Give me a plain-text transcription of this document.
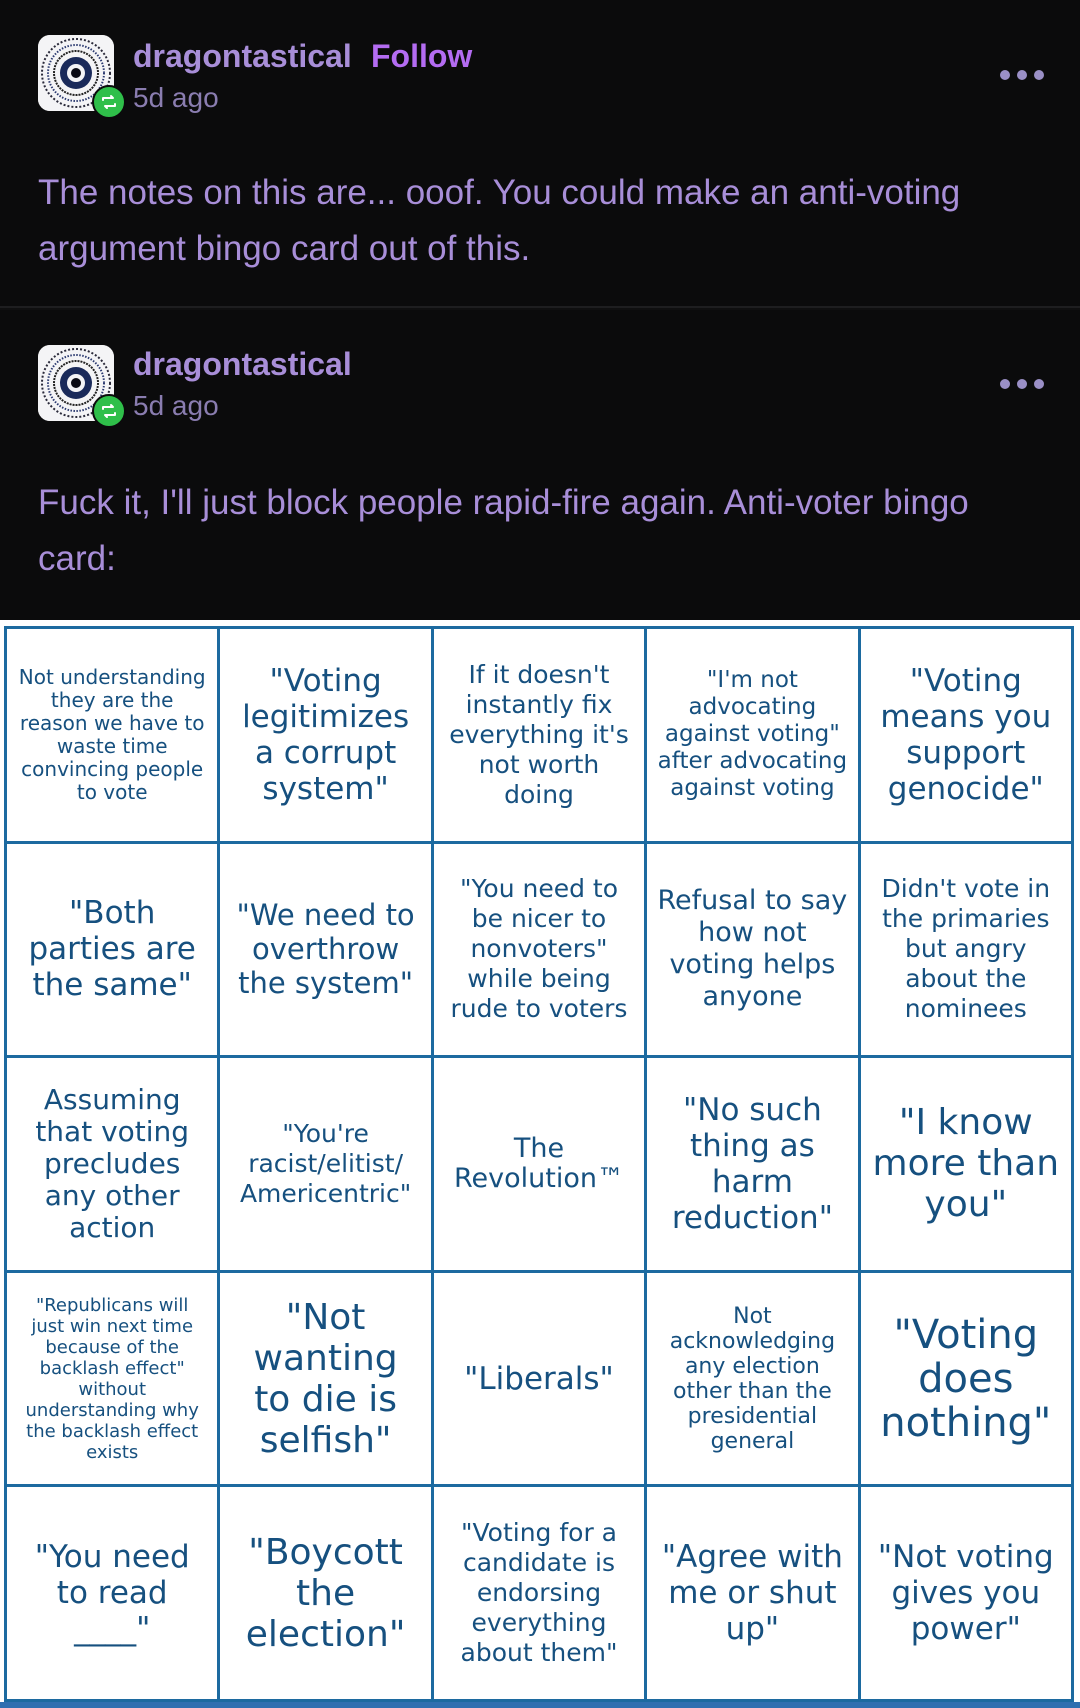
dragontastical Follow
5d ago

The notes on this are... ooof. You could make an anti-voting argument bingo card out of this.

dragontastical
5d ago

Fuck it, I'll just block people rapid-fire again. Anti-voter bingo card:

Not understanding they are the reason we have to waste time convincing people to vote
"Voting legitimizes a corrupt system"
If it doesn't instantly fix everything it's not worth doing
"I'm not advocating against voting" after advocating against voting
"Voting means you support genocide"
"Both parties are the same"
"We need to overthrow the system"
"You need to be nicer to nonvoters" while being rude to voters
Refusal to say how not voting helps anyone
Didn't vote in the primaries but angry about the nominees
Assuming that voting precludes any other action
"You're racist/elitist/ Americentric"
The Revolution™
"No such thing as harm reduction"
"I know more than you"
"Republicans will just win next time because of the backlash effect" without understanding why the backlash effect exists
"Not wanting to die is selfish"
"Liberals"
Not acknowledging any election other than the presidential general
"Voting does nothing"
"You need to read ____"
"Boycott the election"
"Voting for a candidate is endorsing everything about them"
"Agree with me or shut up"
"Not voting gives you power"
